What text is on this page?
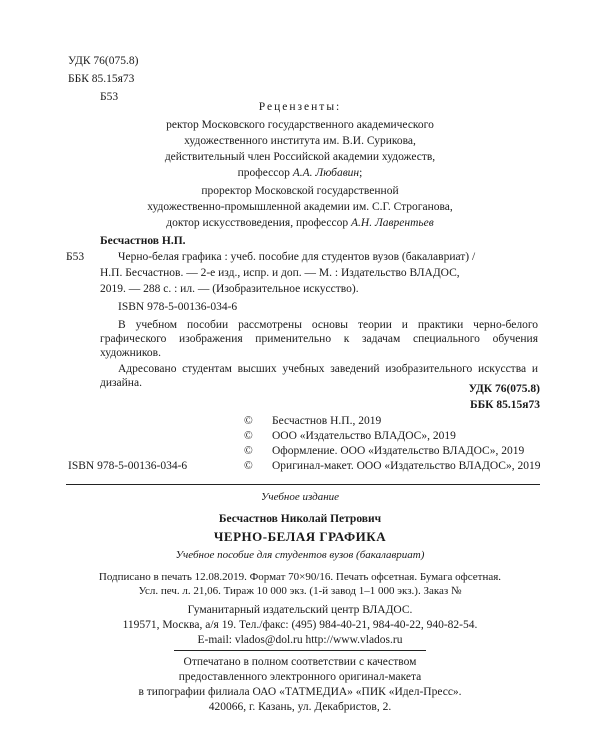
УДК 76(075.8)
ББК 85.15я73
Б53
Рецензенты:
ректор Московского государственного академического
художественного института им. В.И. Сурикова,
действительный член Российской академии художеств,
профессор А.А. Любавин;
проректор Московской государственной
художественно-промышленной академии им. С.Г. Строганова,
доктор искусствоведения, профессор А.Н. Лаврентьев
Бесчастнов Н.П.
Б53	Черно-белая графика : учеб. пособие для студентов вузов (бакалавриат) /
Н.П. Бесчастнов. — 2-е изд., испр. и доп. — М. : Издательство ВЛАДОС,
2019. — 288 с. : ил. — (Изобразительное искусство).
ISBN 978-5-00136-034-6
В учебном пособии рассмотрены основы теории и практики черно-белого графического изображения применительно к задачам специального обучения художников.
Адресовано студентам высших учебных заведений изобразительного искусства и дизайна.	УДК 76(075.8)
ББК 85.15я73
© Бесчастнов Н.П., 2019
© ООО «Издательство ВЛАДОС», 2019
© Оформление. ООО «Издательство ВЛАДОС», 2019
ISBN 978-5-00136-034-6	© Оригинал-макет. ООО «Издательство ВЛАДОС», 2019
Учебное издание
Бесчастнов Николай Петрович
ЧЕРНО-БЕЛАЯ ГРАФИКА
Учебное пособие для студентов вузов (бакалавриат)
Подписано в печать 12.08.2019. Формат 70×90/16. Печать офсетная. Бумага офсетная.
Усл. печ. л. 21,06. Тираж 10 000 экз. (1-й завод 1–1 000 экз.). Заказ №
Гуманитарный издательский центр ВЛАДОС.
119571, Москва, а/я 19. Тел./факс: (495) 984-40-21, 984-40-22, 940-82-54.
E-mail: vlados@dol.ru http://www.vlados.ru
Отпечатано в полном соответствии с качеством
предоставленного электронного оригинал-макета
в типографии филиала ОАО «ТАТМЕДИА» «ПИК «Идел-Пресс».
420066, г. Казань, ул. Декабристов, 2.
